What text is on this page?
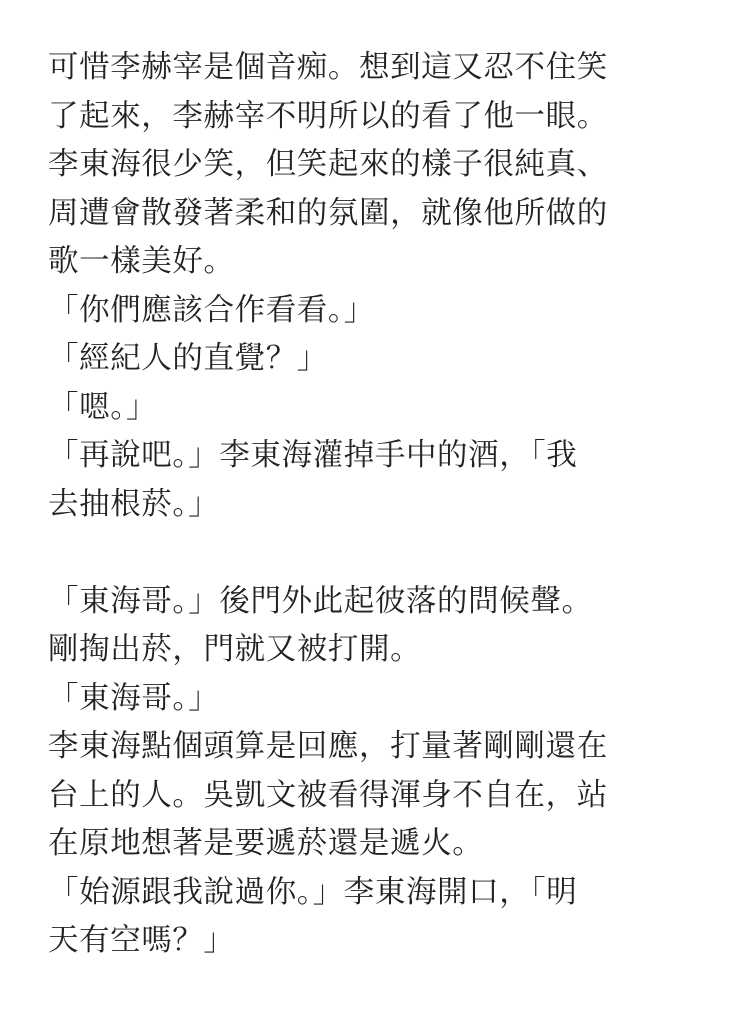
可惜李赫宰是個音痴。想到這又忍不住笑
了起來，李赫宰不明所以的看了他一眼。

李東海很少笑，但笑起來的樣子很純真、
周遭會散發著柔和的氛圍，就像他所做的
歌一樣美好。

「你們應該合作看看。」

「經紀人的直覺？」

「嗯。」

「再說吧。」李東海灌掉手中的酒，「我
去抽根菸。」

「東海哥。」後門外此起彼落的問候聲。

剛掏出菸，門就又被打開。

「東海哥。」

李東海點個頭算是回應，打量著剛剛還在
台上的人。吳凱文被看得渾身不自在，站
在原地想著是要遞菸還是遞火。

「始源跟我說過你。」李東海開口，「明
天有空嗎？」
